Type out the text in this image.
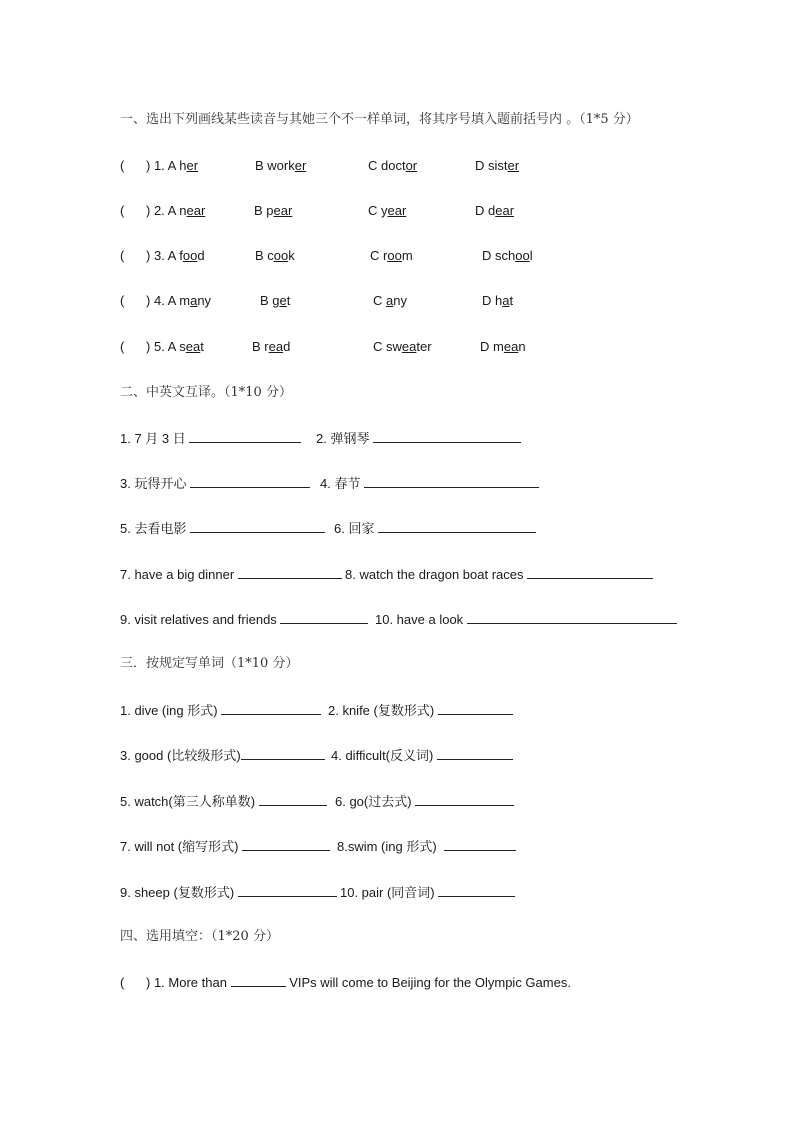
一、选出下列画线某些读音与其她三个不一样单词，将其序号填入题前括号内 。（1*5 分）
( ) 1. A her	B worker	C doctor	D sister
( ) 2. A near	B pear	C year	D dear
( ) 3. A food	B cook	C room	D school
( ) 4. A many	B get	C any	D hat
( ) 5. A seat	B read	C sweater	D mean
二、中英文互译。（1*10 分）
1. 7 月 3 日	2. 弹钢琴
3. 玩得开心	4. 春节
5. 去看电影	6. 回家
7. have a big dinner	8. watch the dragon boat races
9. visit relatives and friends	10. have a look
三．按规定写单词（1*10 分）
1. dive (ing 形式)	2. knife (复数形式)
3. good (比较级形式)	4. difficult(反义词)
5. watch(第三人称单数)	6. go(过去式)
7. will not (缩写形式)	8.swim (ing 形式)
9. sheep (复数形式)	10. pair (同音词)
四、选用填空：（1*20 分）
( ) 1. More than	VIPs will come to Beijing for the Olympic Games.
